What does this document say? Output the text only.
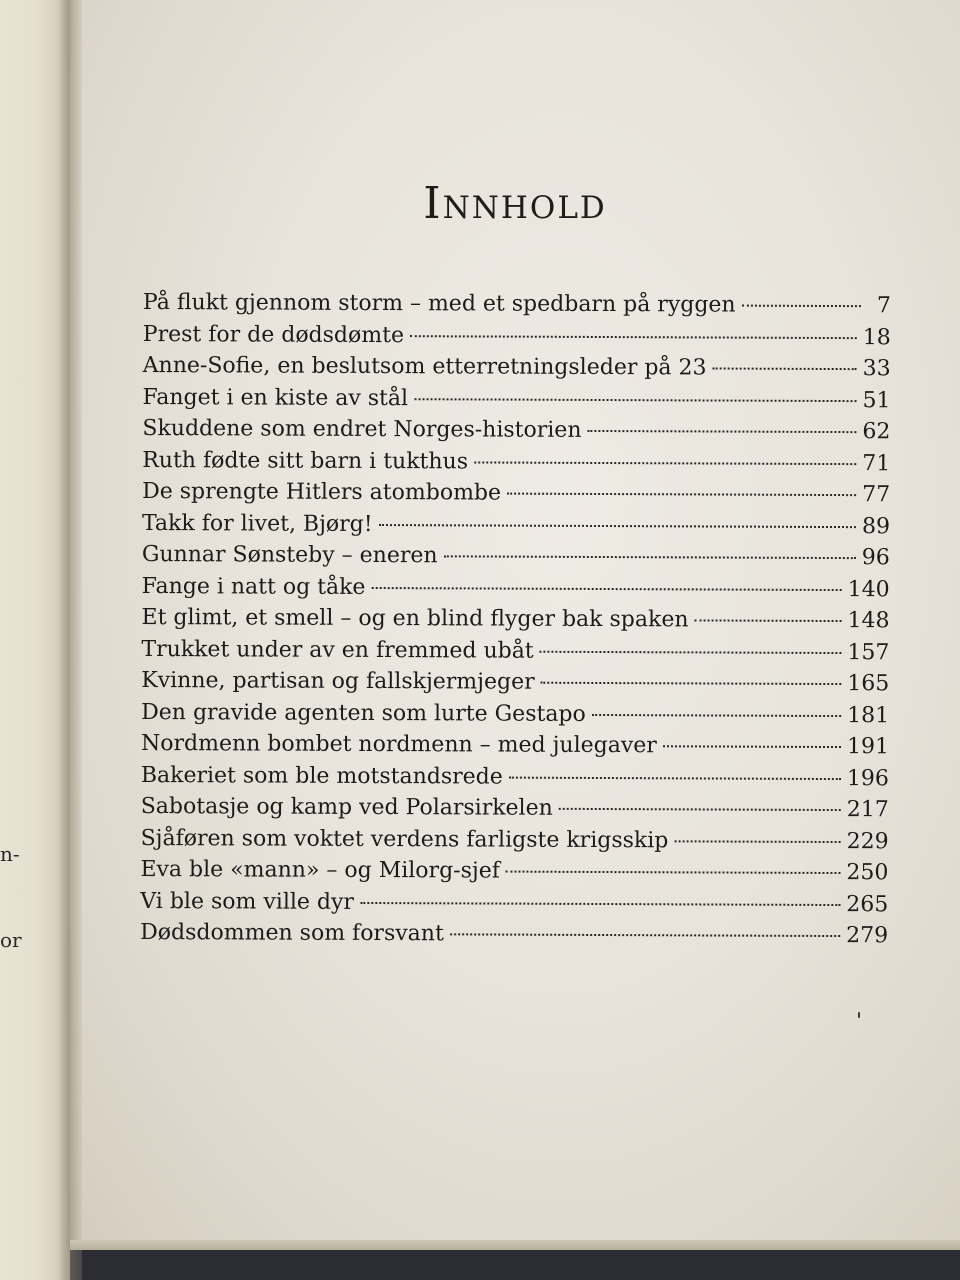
n-
or
Innhold
På flukt gjennom storm – med et spedbarn på ryggen	7
Prest for de dødsdømte	18
Anne-Sofie, en beslutsom etterretningsleder på 23	33
Fanget i en kiste av stål	51
Skuddene som endret Norges-historien	62
Ruth fødte sitt barn i tukthus	71
De sprengte Hitlers atombombe	77
Takk for livet, Bjørg!	89
Gunnar Sønsteby – eneren	96
Fange i natt og tåke	140
Et glimt, et smell – og en blind flyger bak spaken	148
Trukket under av en fremmed ubåt	157
Kvinne, partisan og fallskjermjeger	165
Den gravide agenten som lurte Gestapo	181
Nordmenn bombet nordmenn – med julegaver	191
Bakeriet som ble motstandsrede	196
Sabotasje og kamp ved Polarsirkelen	217
Sjåføren som voktet verdens farligste krigsskip	229
Eva ble «mann» – og Milorg-sjef	250
Vi ble som ville dyr	265
Dødsdommen som forsvant	279
